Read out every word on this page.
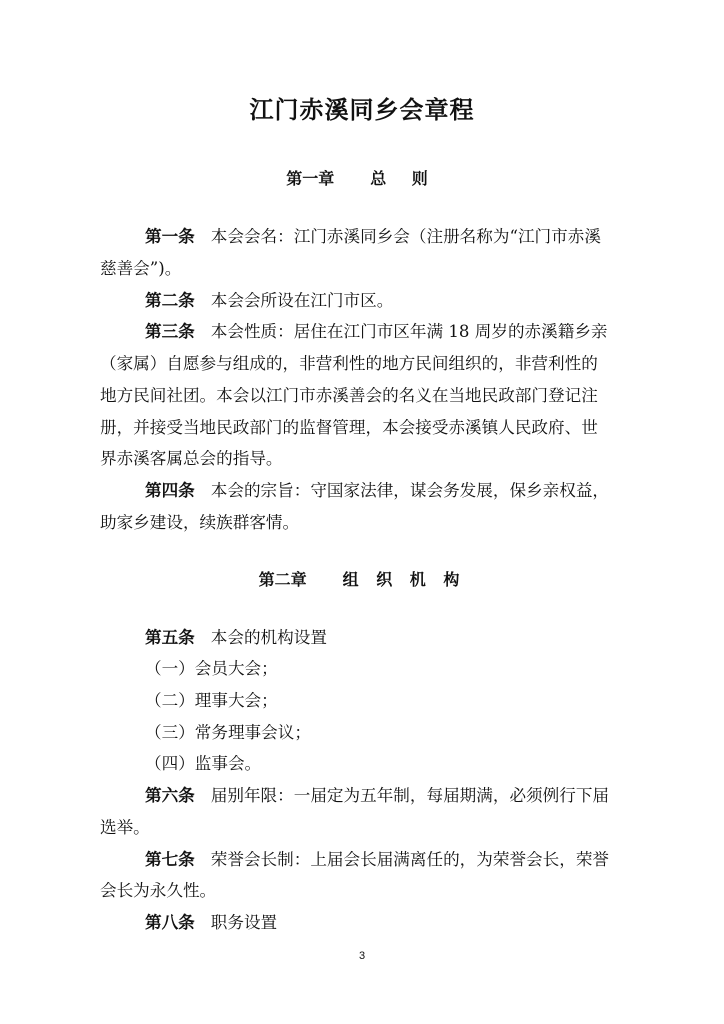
江门赤溪同乡会章程
第一章 总 则
第一条 本会会名：江门赤溪同乡会（注册名称为“江门市赤溪
慈善会”)。
第二条 本会会所设在江门市区。
第三条 本会性质：居住在江门市区年满 18 周岁的赤溪籍乡亲
（家属）自愿参与组成的，非营利性的地方民间组织的，非营利性的
地方民间社团。本会以江门市赤溪善会的名义在当地民政部门登记注
册，并接受当地民政部门的监督管理，本会接受赤溪镇人民政府、世
界赤溪客属总会的指导。
第四条 本会的宗旨：守国家法律，谋会务发展，保乡亲权益，
助家乡建设，续族群客情。
第二章 组 织 机 构
第五条 本会的机构设置
（一）会员大会；
（二）理事大会；
（三）常务理事会议；
（四）监事会。
第六条 届别年限：一届定为五年制，每届期满，必须例行下届
选举。
第七条 荣誉会长制：上届会长届满离任的，为荣誉会长，荣誉
会长为永久性。
第八条 职务设置
3
